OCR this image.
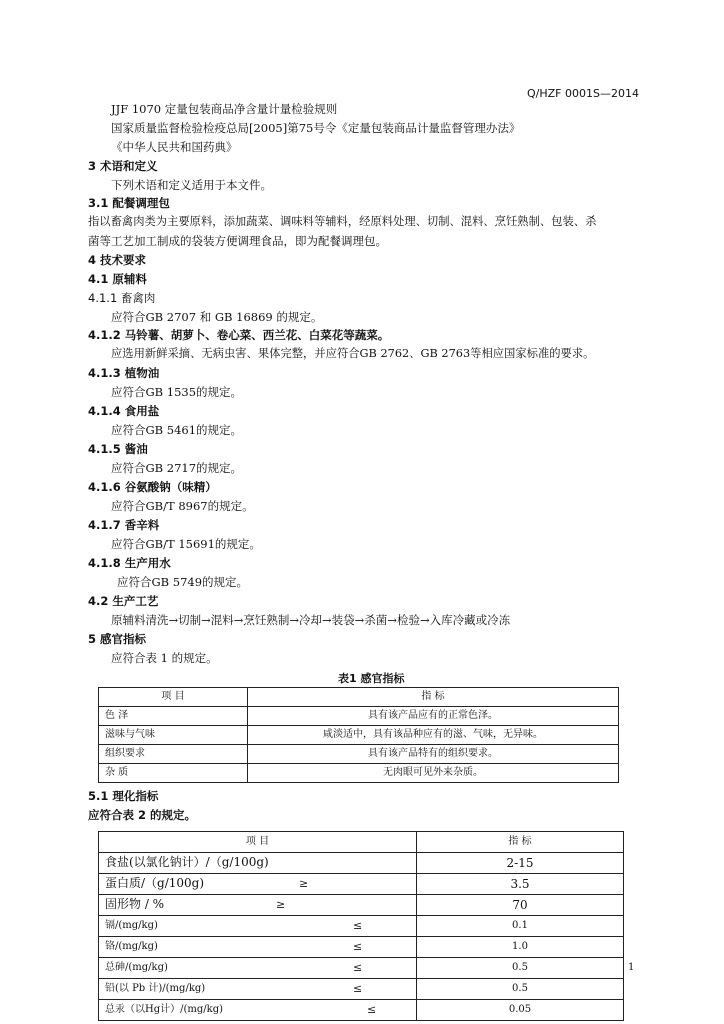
Q/HZF 0001S—2014
JJF 1070 定量包装商品净含量计量检验规则
国家质量监督检验检疫总局[2005]第75号令《定量包装商品计量监督管理办法》
《中华人民共和国药典》
3 术语和定义
下列术语和定义适用于本文件。
3.1 配餐调理包
指以畜禽肉类为主要原料，添加蔬菜、调味料等辅料，经原料处理、切制、混料、烹饪熟制、包装、杀
菌等工艺加工制成的袋装方便调理食品，即为配餐调理包。
4 技术要求
4.1 原辅料
4.1.1 畜禽肉
应符合GB 2707 和 GB 16869 的规定。
4.1.2 马铃薯、胡萝卜、卷心菜、西兰花、白菜花等蔬菜。
应选用新鲜采摘、无病虫害、果体完整，并应符合GB 2762、GB 2763等相应国家标准的要求。
4.1.3 植物油
应符合GB 1535的规定。
4.1.4 食用盐
应符合GB 5461的规定。
4.1.5 酱油
应符合GB 2717的规定。
4.1.6 谷氨酸钠（味精）
应符合GB/T 8967的规定。
4.1.7 香辛料
应符合GB/T 15691的规定。
4.1.8 生产用水
应符合GB 5749的规定。
4.2 生产工艺
原辅料清洗→切制→混料→烹饪熟制→冷却→装袋→杀菌→检验→入库冷藏或冷冻
5 感官指标
应符合表 1 的规定。
表1 感官指标
项 目	指 标
色 泽	具有该产品应有的正常色泽。
滋味与气味	咸淡适中，具有该品种应有的滋、气味，无异味。
组织要求	具有该产品特有的组织要求。
杂 质	无肉眼可见外来杂质。
5.1 理化指标
应符合表 2 的规定。
项 目	指 标
食盐(以氯化钠计）/（g/100g)	2-15
蛋白质/（g/100g) ≥	3.5
固形物 / % ≥	70
镉/(mg/kg) ≤	0.1
铬/(mg/kg) ≤	1.0
总砷/(mg/kg) ≤	0.5
铅(以 Pb 计)/(mg/kg) ≤	0.5
总汞（以Hg计）/(mg/kg) ≤	0.05
1
